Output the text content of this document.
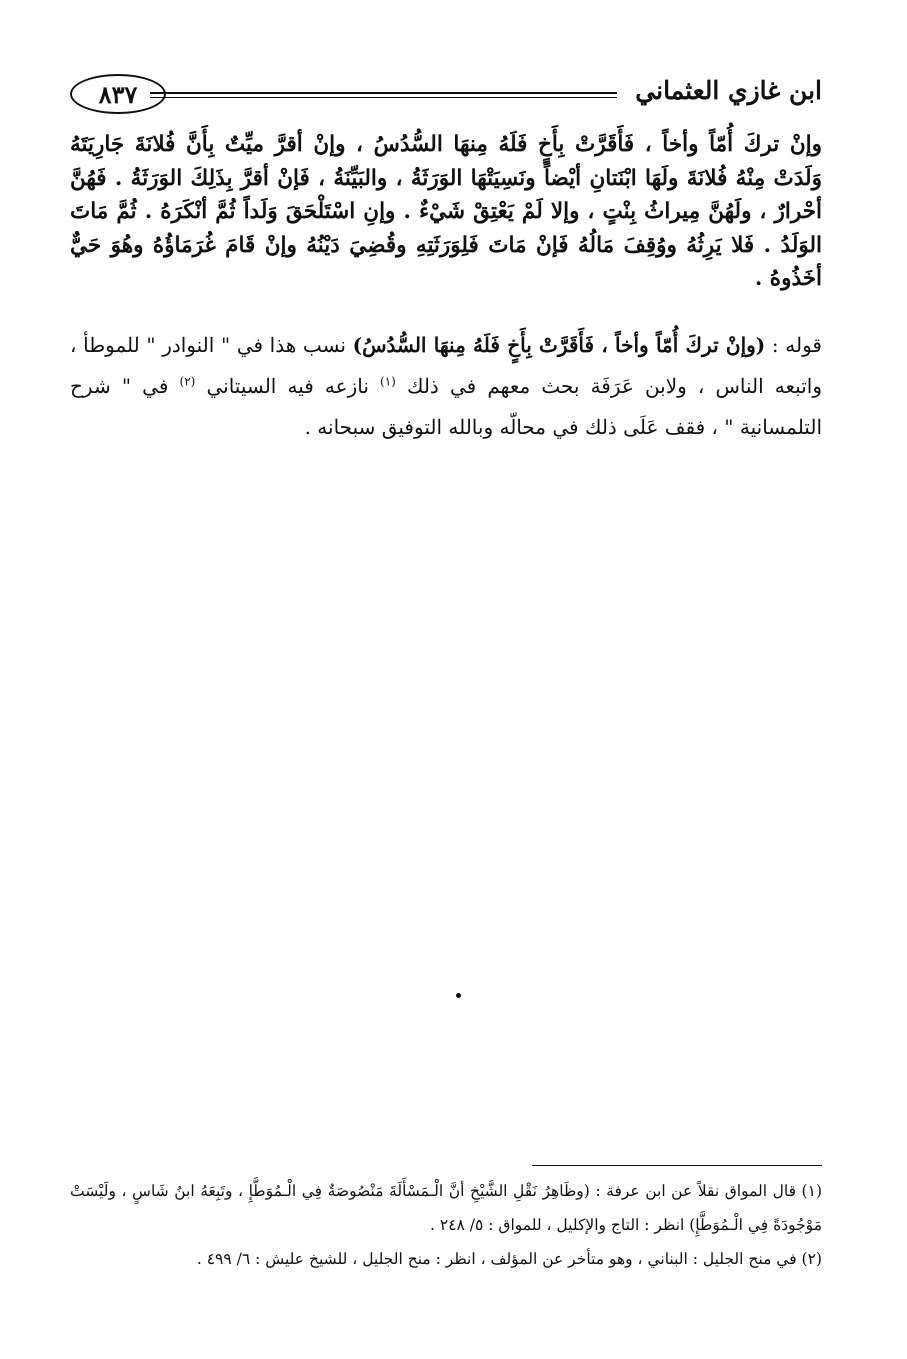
ابن غازي العثماني
٨٣٧
وإنْ تركَ أُمّاً وأخاً ، فَأَقَرَّتْ بِأَخٍ فَلَهُ مِنهَا السُّدُسُ ، وإنْ أقرَّ ميِّتٌ بِأَنَّ فُلانَةَ جَارِيَتَهُ وَلَدَتْ مِنْهُ فُلانَةَ ولَهَا ابْنَتانِ أيْضاً ونَسِيَتْهَا الوَرَثَةُ ، والبَيِّنَةُ ، فَإنْ أقرَّ بِذَلِكَ الوَرَثَةُ . فَهُنَّ أحْرارٌ ، ولَهُنَّ مِيراثُ بِنْتٍ ، وإلا لَمْ يَعْتِقْ شَيْءٌ . وإنِ اسْتَلْحَقَ وَلَداً ثُمَّ أنْكَرَهُ . ثُمَّ مَاتَ الوَلَدُ . فَلا يَرِثُهُ ووُقِفَ مَالُهُ فَإنْ مَاتَ فَلِوَرَثَتِهِ وقُضِيَ دَيْنُهُ وإنْ قَامَ غُرَمَاؤُهُ وهُوَ حَيٌّ أخَذُوهُ .
قوله : (وإنْ تركَ أُمّاً وأخاً ، فَأَقَرَّتْ بِأَخٍ فَلَهُ مِنهَا السُّدُسُ) نسب هذا في " النوادر " للموطأ ، واتبعه الناس ، ولابن عَرَفَة بحث معهم في ذلك $^{(١)}$ نازعه فيه السيتاني $^{(٢)}$ في " شرح التلمسانية " ، فقف عَلَى ذلك في محالّه وبالله التوفيق سبحانه .

(١) قال المواق نقلاً عن ابن عرفة : (وظَاهِرُ نَقْلِ الشَّيْخِ أنَّ الْـمَسْأَلَةَ مَنْصُوصَةٌ فِي الْـمُوَطَّإِ ، وتَبِعَهُ ابنُ شَاسٍ ، ولَيْسَتْ مَوْجُودَةً فِي الْـمُوَطَّإِ) انظر : التاج والإكليل ، للمواق : ٥/ ٢٤٨ .

(٢) في منح الجليل : البناني ، وهو متأخر عن المؤلف ، انظر : منح الجليل ، للشيخ عليش : ٦/ ٤٩٩ .
